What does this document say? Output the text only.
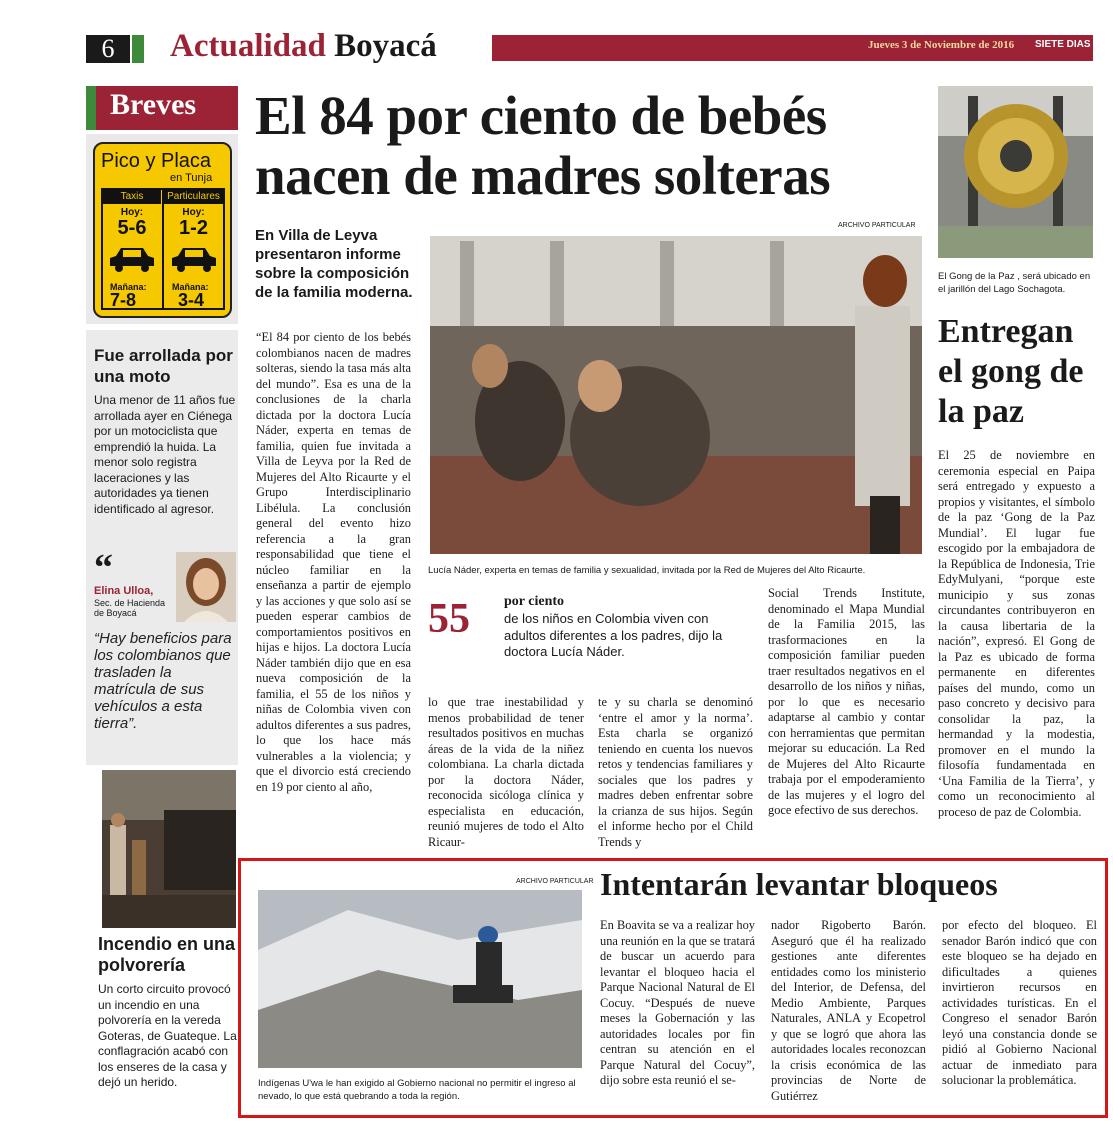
6	Actualidad Boyacá	Jueves 3 de Noviembre de 2016 SIETE DIAS
Breves
Pico y Placa
en Tunja
Taxis	Particulares
Hoy:	Hoy:
5-6	1-2
Mañana:	Mañana:
7-8 3-4
Fue arrollada por una moto
Una menor de 11 años fue arrollada ayer en Ciénega por un motociclista que emprendió la huida. La menor solo registra laceraciones y las autoridades ya tienen identificado al agresor.
“
Elina Ulloa,
Sec. de Hacienda de Boyacá
“Hay beneficios para los colombianos que trasladen la matrícula de sus vehículos a esta tierra”.
Incendio en una polvorería
Un corto circuito provocó un incendio en una polvorería en la vereda Goteras, de Guateque. La conflagración acabó con los enseres de la casa y dejó un herido.
El 84 por ciento de bebés nacen de madres solteras
En Villa de Leyva presentaron informe sobre la composición de la familia moderna.
ARCHIVO PARTICULAR
Lucía Náder, experta en temas de familia y sexualidad, invitada por la Red de Mujeres del Alto Ricaurte.
“El 84 por ciento de los bebés colombianos nacen de madres solteras, siendo la tasa más alta del mundo”. Esa es una de la conclusiones de la charla dictada por la doctora Lucía Náder, experta en temas de familia, quien fue invitada a Villa de Leyva por la Red de Mujeres del Alto Ricaurte y el Grupo Interdisciplinario Libélula. La conclusión general del evento hizo referencia a la gran responsabilidad que tiene el núcleo familiar en la enseñanza a partir de ejemplo y las acciones y que solo así se pueden esperar cambios de comportamientos positivos en hijas e hijos. La doctora Lucía Náder también dijo que en esa nueva composición de la familia, el 55 de los niños y niñas de Colombia viven con adultos diferentes a sus padres, lo que los hace más vulnerables a la violencia; y que el divorcio está creciendo en 19 por ciento al año,
55 por ciento
de los niños en Colombia viven con adultos diferentes a los padres, dijo la doctora Lucía Náder.
lo que trae inestabilidad y menos probabilidad de tener resultados positivos en muchas áreas de la vida de la niñez colombiana. La charla dictada por la doctora Náder, reconocida sicóloga clínica y especialista en educación, reunió mujeres de todo el Alto Ricaur-
te y su charla se denominó ‘entre el amor y la norma’. Esta charla se organizó teniendo en cuenta los nuevos retos y tendencias familiares y sociales que los padres y madres deben enfrentar sobre la crianza de sus hijos. Según el informe hecho por el Child Trends y
Social Trends Institute, denominado el Mapa Mundial de la Familia 2015, las trasformaciones en la composición familiar pueden traer resultados negativos en el desarrollo de los niños y niñas, por lo que es necesario adaptarse al cambio y contar con herramientas que permitan mejorar su educación. La Red de Mujeres del Alto Ricaurte trabaja por el empoderamiento de las mujeres y el logro del goce efectivo de sus derechos.
El Gong de la Paz , será ubicado en el jarillón del Lago Sochagota.
Entregan el gong de la paz
El 25 de noviembre en ceremonia especial en Paipa será entregado y expuesto a propios y visitantes, el símbolo de la paz ‘Gong de la Paz Mundial’. El lugar fue escogido por la embajadora de la República de Indonesia, Trie EdyMulyani, “porque este municipio y sus zonas circundantes contribuyeron en la causa libertaria de la nación”, expresó. El Gong de la Paz es ubicado de forma permanente en diferentes países del mundo, como un paso concreto y decisivo para consolidar la paz, la hermandad y la modestia, promover en el mundo la filosofía fundamentada en ‘Una Familia de la Tierra’, y como un reconocimiento al proceso de paz de Colombia.
ARCHIVO PARTICULAR
Indígenas U'wa le han exigido al Gobierno nacional no permitir el ingreso al nevado, lo que está quebrando a toda la región.
Intentarán levantar bloqueos
En Boavita se va a realizar hoy una reunión en la que se tratará de buscar un acuerdo para levantar el bloqueo hacia el Parque Nacional Natural de El Cocuy. “Después de nueve meses la Gobernación y las autoridades locales por fin centran su atención en el Parque Natural del Cocuy”, dijo sobre esta reunió el se-
nador Rigoberto Barón. Aseguró que él ha realizado gestiones ante diferentes entidades como los ministerio del Interior, de Defensa, del Medio Ambiente, Parques Naturales, ANLA y Ecopetrol y que se logró que ahora las autoridades locales reconozcan la crisis económica de las provincias de Norte de Gutiérrez
por efecto del bloqueo. El senador Barón indicó que con este bloqueo se ha dejado en dificultades a quienes invirtieron recursos en actividades turísticas. En el Congreso el senador Barón leyó una constancia donde se pidió al Gobierno Nacional actuar de inmediato para solucionar la problemática.
